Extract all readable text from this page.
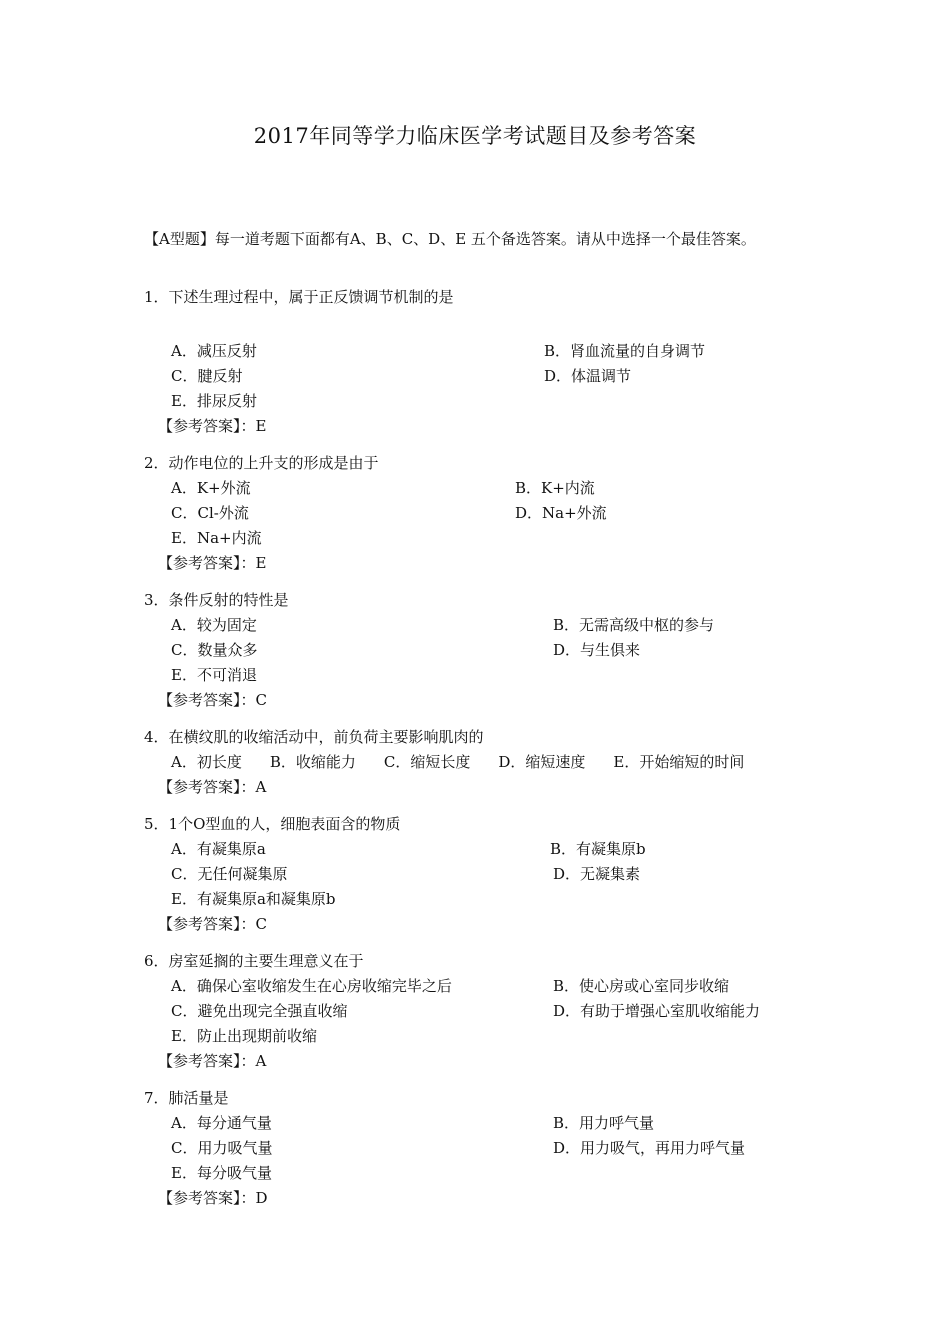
2017年同等学力临床医学考试题目及参考答案
【A型题】每一道考题下面都有A、B、C、D、E 五个备选答案。请从中选择一个最佳答案。
1．下述生理过程中，属于正反馈调节机制的是
A．减压反射	B．肾血流量的自身调节
C．腱反射	D．体温调节
E．排尿反射
【参考答案】：E
2．动作电位的上升支的形成是由于
A．K+外流	B．K+内流
C．Cl-外流	D．Na+外流
E．Na+内流
【参考答案】：E
3．条件反射的特性是
A．较为固定	B．无需高级中枢的参与
C．数量众多	D．与生俱来
E．不可消退
【参考答案】：C
4．在横纹肌的收缩活动中，前负荷主要影响肌肉的
A．初长度 B．收缩能力 C．缩短长度 D．缩短速度 E．开始缩短的时间
【参考答案】：A
5．1个O型血的人，细胞表面含的物质
A．有凝集原a	B．有凝集原b
C．无任何凝集原	D．无凝集素
E．有凝集原a和凝集原b
【参考答案】：C
6．房室延搁的主要生理意义在于
A．确保心室收缩发生在心房收缩完毕之后	B．使心房或心室同步收缩
C．避免出现完全强直收缩	D．有助于增强心室肌收缩能力
E．防止出现期前收缩
【参考答案】：A
7．肺活量是
A．每分通气量	B．用力呼气量
C．用力吸气量	D．用力吸气，再用力呼气量
E．每分吸气量
【参考答案】：D
